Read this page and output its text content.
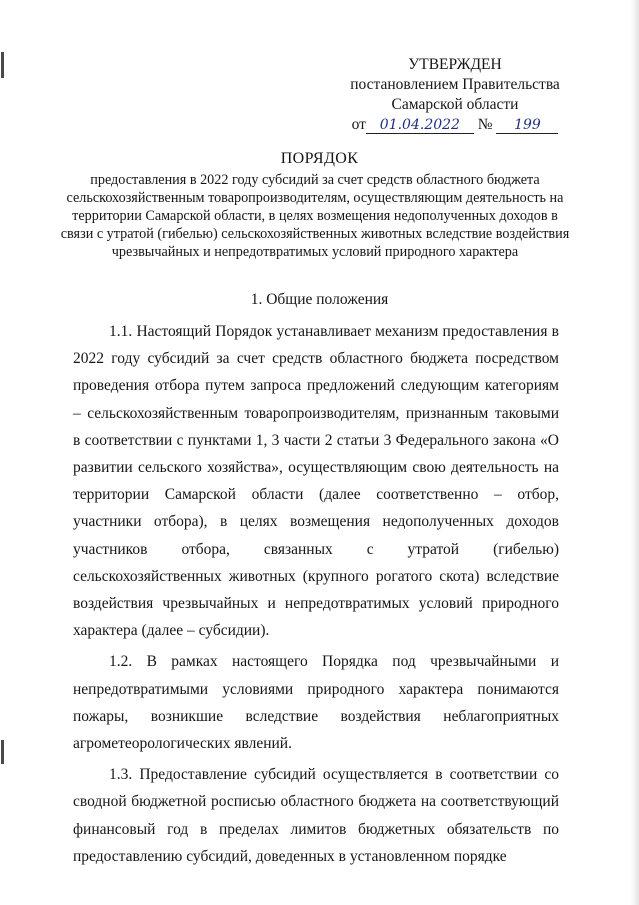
УТВЕРЖДЕН
постановлением Правительства
Самарской области
от 01.04.2022 № 199
ПОРЯДОК
предоставления в 2022 году субсидий за счет средств областного бюджета сельскохозяйственным товаропроизводителям, осуществляющим деятельность на территории Самарской области, в целях возмещения недополученных доходов в связи с утратой (гибелью) сельскохозяйственных животных вследствие воздействия чрезвычайных и непредотвратимых условий природного характера
1. Общие положения

1.1. Настоящий Порядок устанавливает механизм предоставления в 2022 году субсидий за счет средств областного бюджета посредством проведения отбора путем запроса предложений следующим категориям – сельскохозяйственным товаропроизводителям, признанным таковыми в соответствии с пунктами 1, 3 части 2 статьи 3 Федерального закона «О развитии сельского хозяйства», осуществляющим свою деятельность на территории Самарской области (далее соответственно – отбор, участники отбора), в целях возмещения недополученных доходов участников отбора, связанных с утратой (гибелью) сельскохозяйственных животных (крупного рогатого скота) вследствие воздействия чрезвычайных и непредотвратимых условий природного характера (далее – субсидии).

1.2. В рамках настоящего Порядка под чрезвычайными и непредотвратимыми условиями природного характера понимаются пожары, возникшие вследствие воздействия неблагоприятных агрометеорологических явлений.

1.3. Предоставление субсидий осуществляется в соответствии со сводной бюджетной росписью областного бюджета на соответствующий финансовый год в пределах лимитов бюджетных обязательств по предоставлению субсидий, доведенных в установленном порядке
